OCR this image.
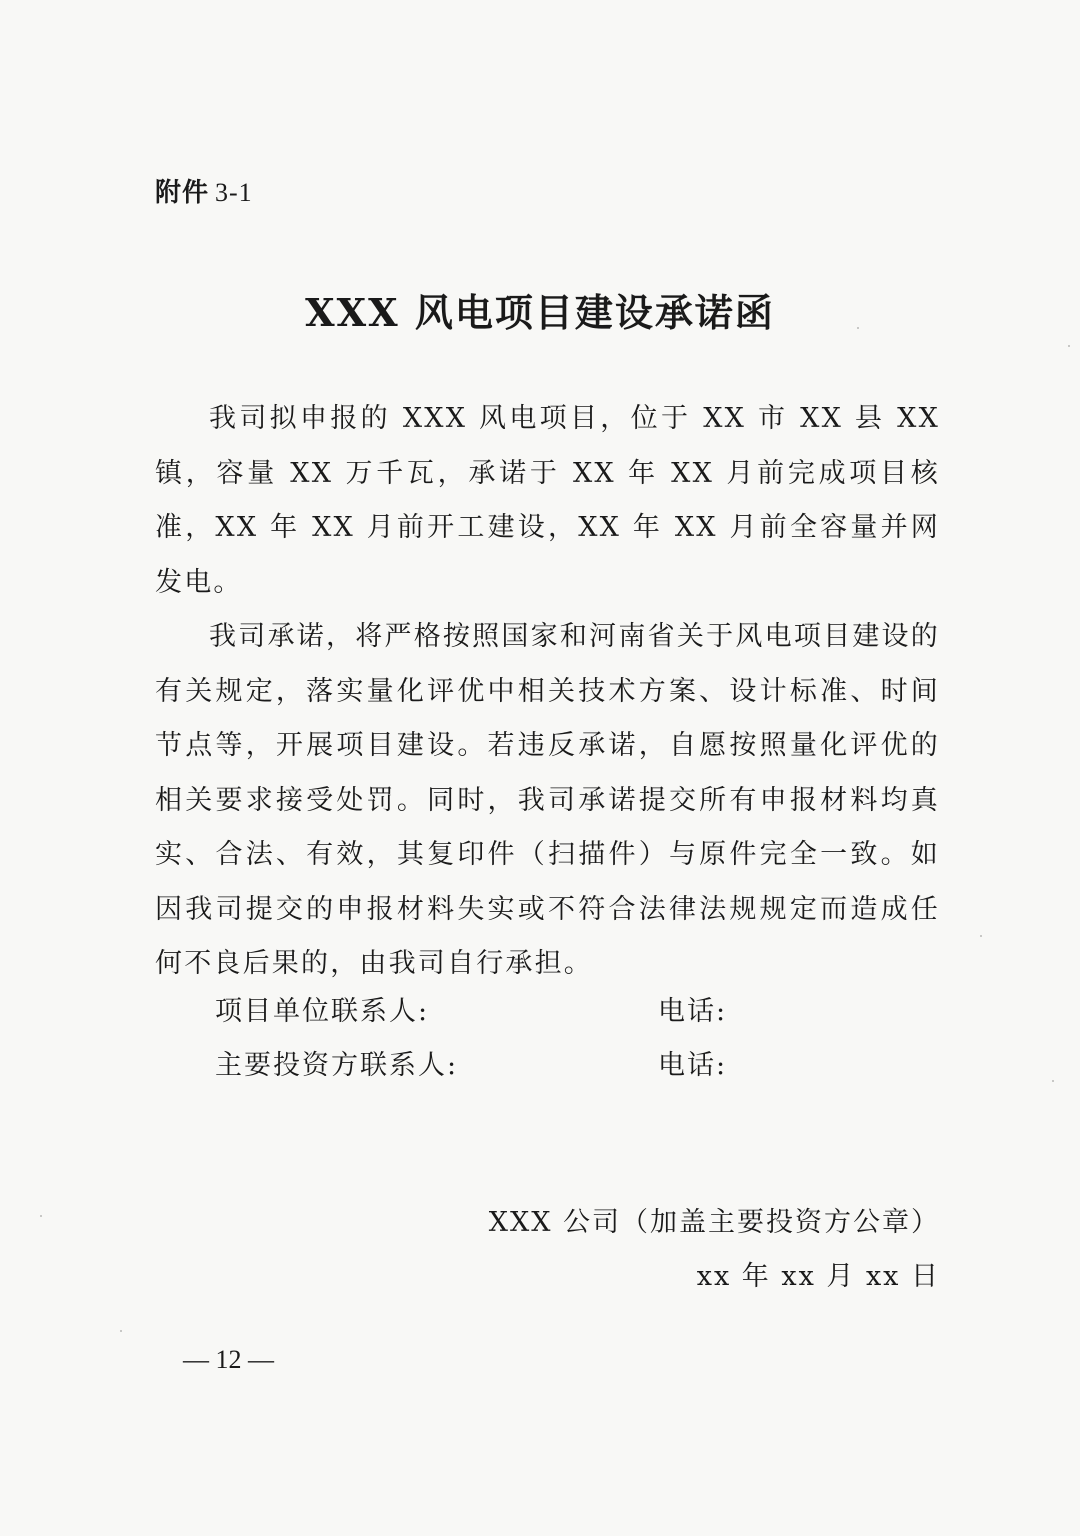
附件 3-1
XXX 风电项目建设承诺函

我司拟申报的 XXX 风电项目，位于 XX 市 XX 县 XX 镇，容量 XX 万千瓦，承诺于 XX 年 XX 月前完成项目核准，XX 年 XX 月前开工建设，XX 年 XX 月前全容量并网发电。

我司承诺，将严格按照国家和河南省关于风电项目建设的有关规定，落实量化评优中相关技术方案、设计标准、时间节点等，开展项目建设。若违反承诺，自愿按照量化评优的相关要求接受处罚。同时，我司承诺提交所有申报材料均真实、合法、有效，其复印件（扫描件）与原件完全一致。如因我司提交的申报材料失实或不符合法律法规规定而造成任何不良后果的，由我司自行承担。

项目单位联系人:	电话:
主要投资方联系人:	电话:
XXX 公司（加盖主要投资方公章）
xx 年 xx 月 xx 日
— 12 —
